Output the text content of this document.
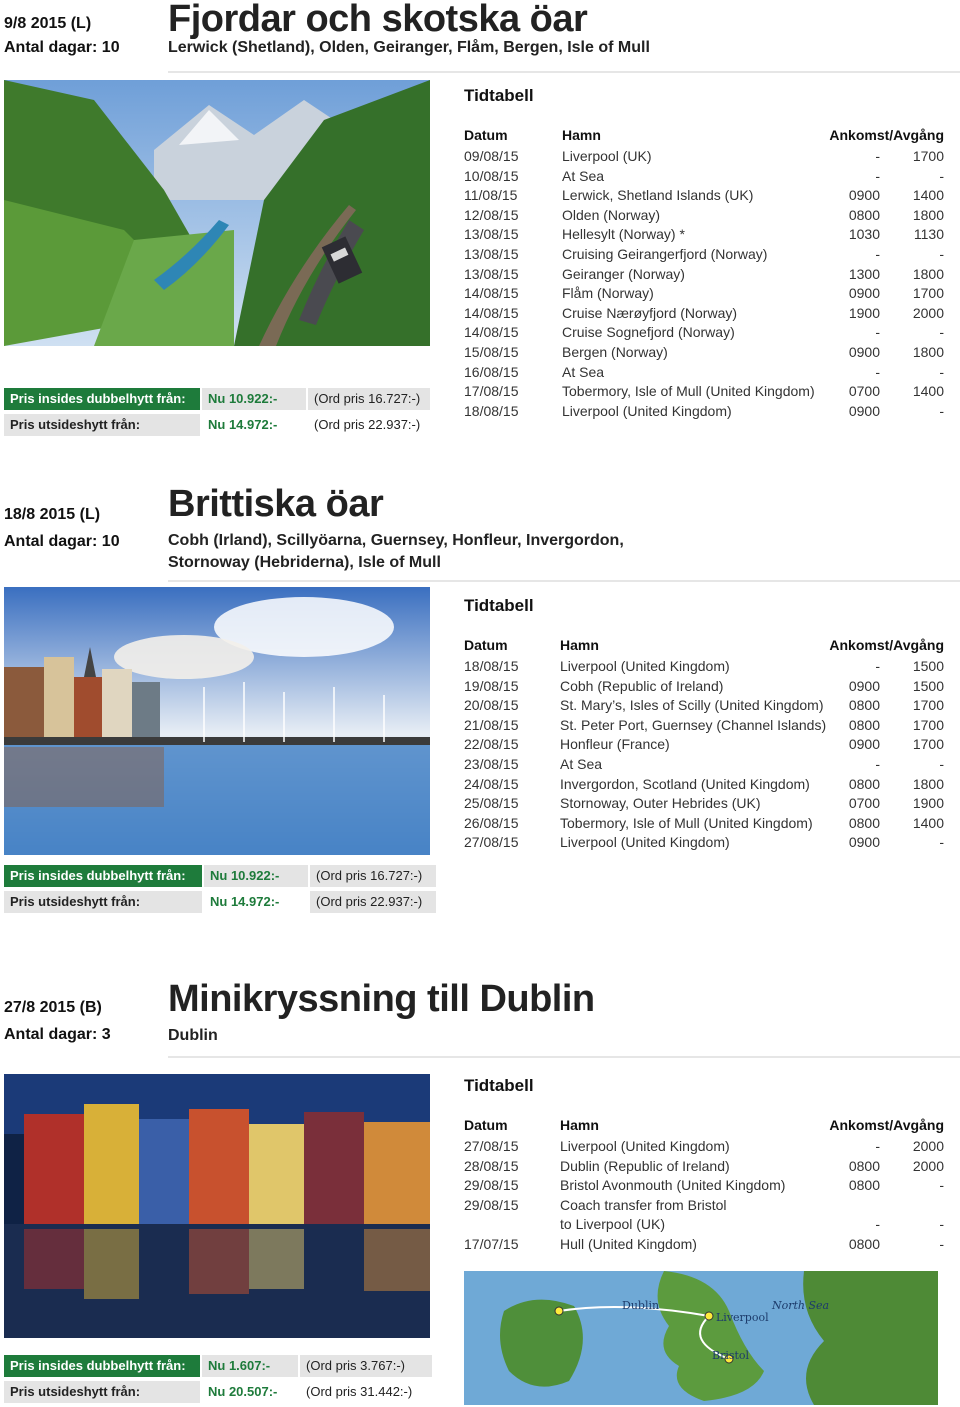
9/8 2015 (L)
Antal dagar: 10
Fjordar och skotska öar
Lerwick (Shetland), Olden, Geiranger, Flåm, Bergen, Isle of Mull
Pris insides dubbelhytt från:	Nu 10.922:-	(Ord pris 16.727:-)
Pris utsideshytt från:	Nu 14.972:-	(Ord pris 22.937:-)
Tidtabell
Datum	Hamn	Ankomst/Avgång
09/08/15	Liverpool (UK)	-	1700
10/08/15	At Sea	-	-
11/08/15	Lerwick, Shetland Islands (UK)	0900	1400
12/08/15	Olden (Norway)	0800	1800
13/08/15	Hellesylt (Norway) *	1030	1130
13/08/15	Cruising Geirangerfjord (Norway)	-	-
13/08/15	Geiranger (Norway)	1300	1800
14/08/15	Flåm (Norway)	0900	1700
14/08/15	Cruise Nærøyfjord (Norway)	1900	2000
14/08/15	Cruise Sognefjord (Norway)	-	-
15/08/15	Bergen (Norway)	0900	1800
16/08/15	At Sea	-	-
17/08/15	Tobermory, Isle of Mull (United Kingdom)	0700	1400
18/08/15	Liverpool (United Kingdom)	0900	-
18/8 2015 (L)
Antal dagar: 10
Brittiska öar
Cobh (Irland), Scillyöarna, Guernsey, Honfleur, Invergordon,
Stornoway (Hebriderna), Isle of Mull
Pris insides dubbelhytt från:	Nu 10.922:-	(Ord pris 16.727:-)
Pris utsideshytt från:	Nu 14.972:-	(Ord pris 22.937:-)
Tidtabell
Datum	Hamn	Ankomst/Avgång
18/08/15	Liverpool (United Kingdom)	-	1500
19/08/15	Cobh (Republic of Ireland)	0900	1500
20/08/15	St. Mary’s, Isles of Scilly (United Kingdom)	0800	1700
21/08/15	St. Peter Port, Guernsey (Channel Islands)	0800	1700
22/08/15	Honfleur (France)	0900	1700
23/08/15	At Sea	-	-
24/08/15	Invergordon, Scotland (United Kingdom)	0800	1800
25/08/15	Stornoway, Outer Hebrides (UK)	0700	1900
26/08/15	Tobermory, Isle of Mull (United Kingdom)	0800	1400
27/08/15	Liverpool (United Kingdom)	0900	-
27/8 2015 (B)
Antal dagar: 3
Minikryssning till Dublin
Dublin
Pris insides dubbelhytt från:	Nu 1.607:-	(Ord pris 3.767:-)
Pris utsideshytt från:	Nu 20.507:-	(Ord pris 31.442:-)
Tidtabell
Datum	Hamn	Ankomst/Avgång
27/08/15	Liverpool (United Kingdom)	-	2000
28/08/15	Dublin (Republic of Ireland)	0800	2000
29/08/15	Bristol Avonmouth (United Kingdom)	0800	-
29/08/15	Coach transfer from Bristol
to Liverpool (UK)	-	-
17/07/15	Hull (United Kingdom)	0800	-
Dublin
Liverpool
North Sea
Bristol
